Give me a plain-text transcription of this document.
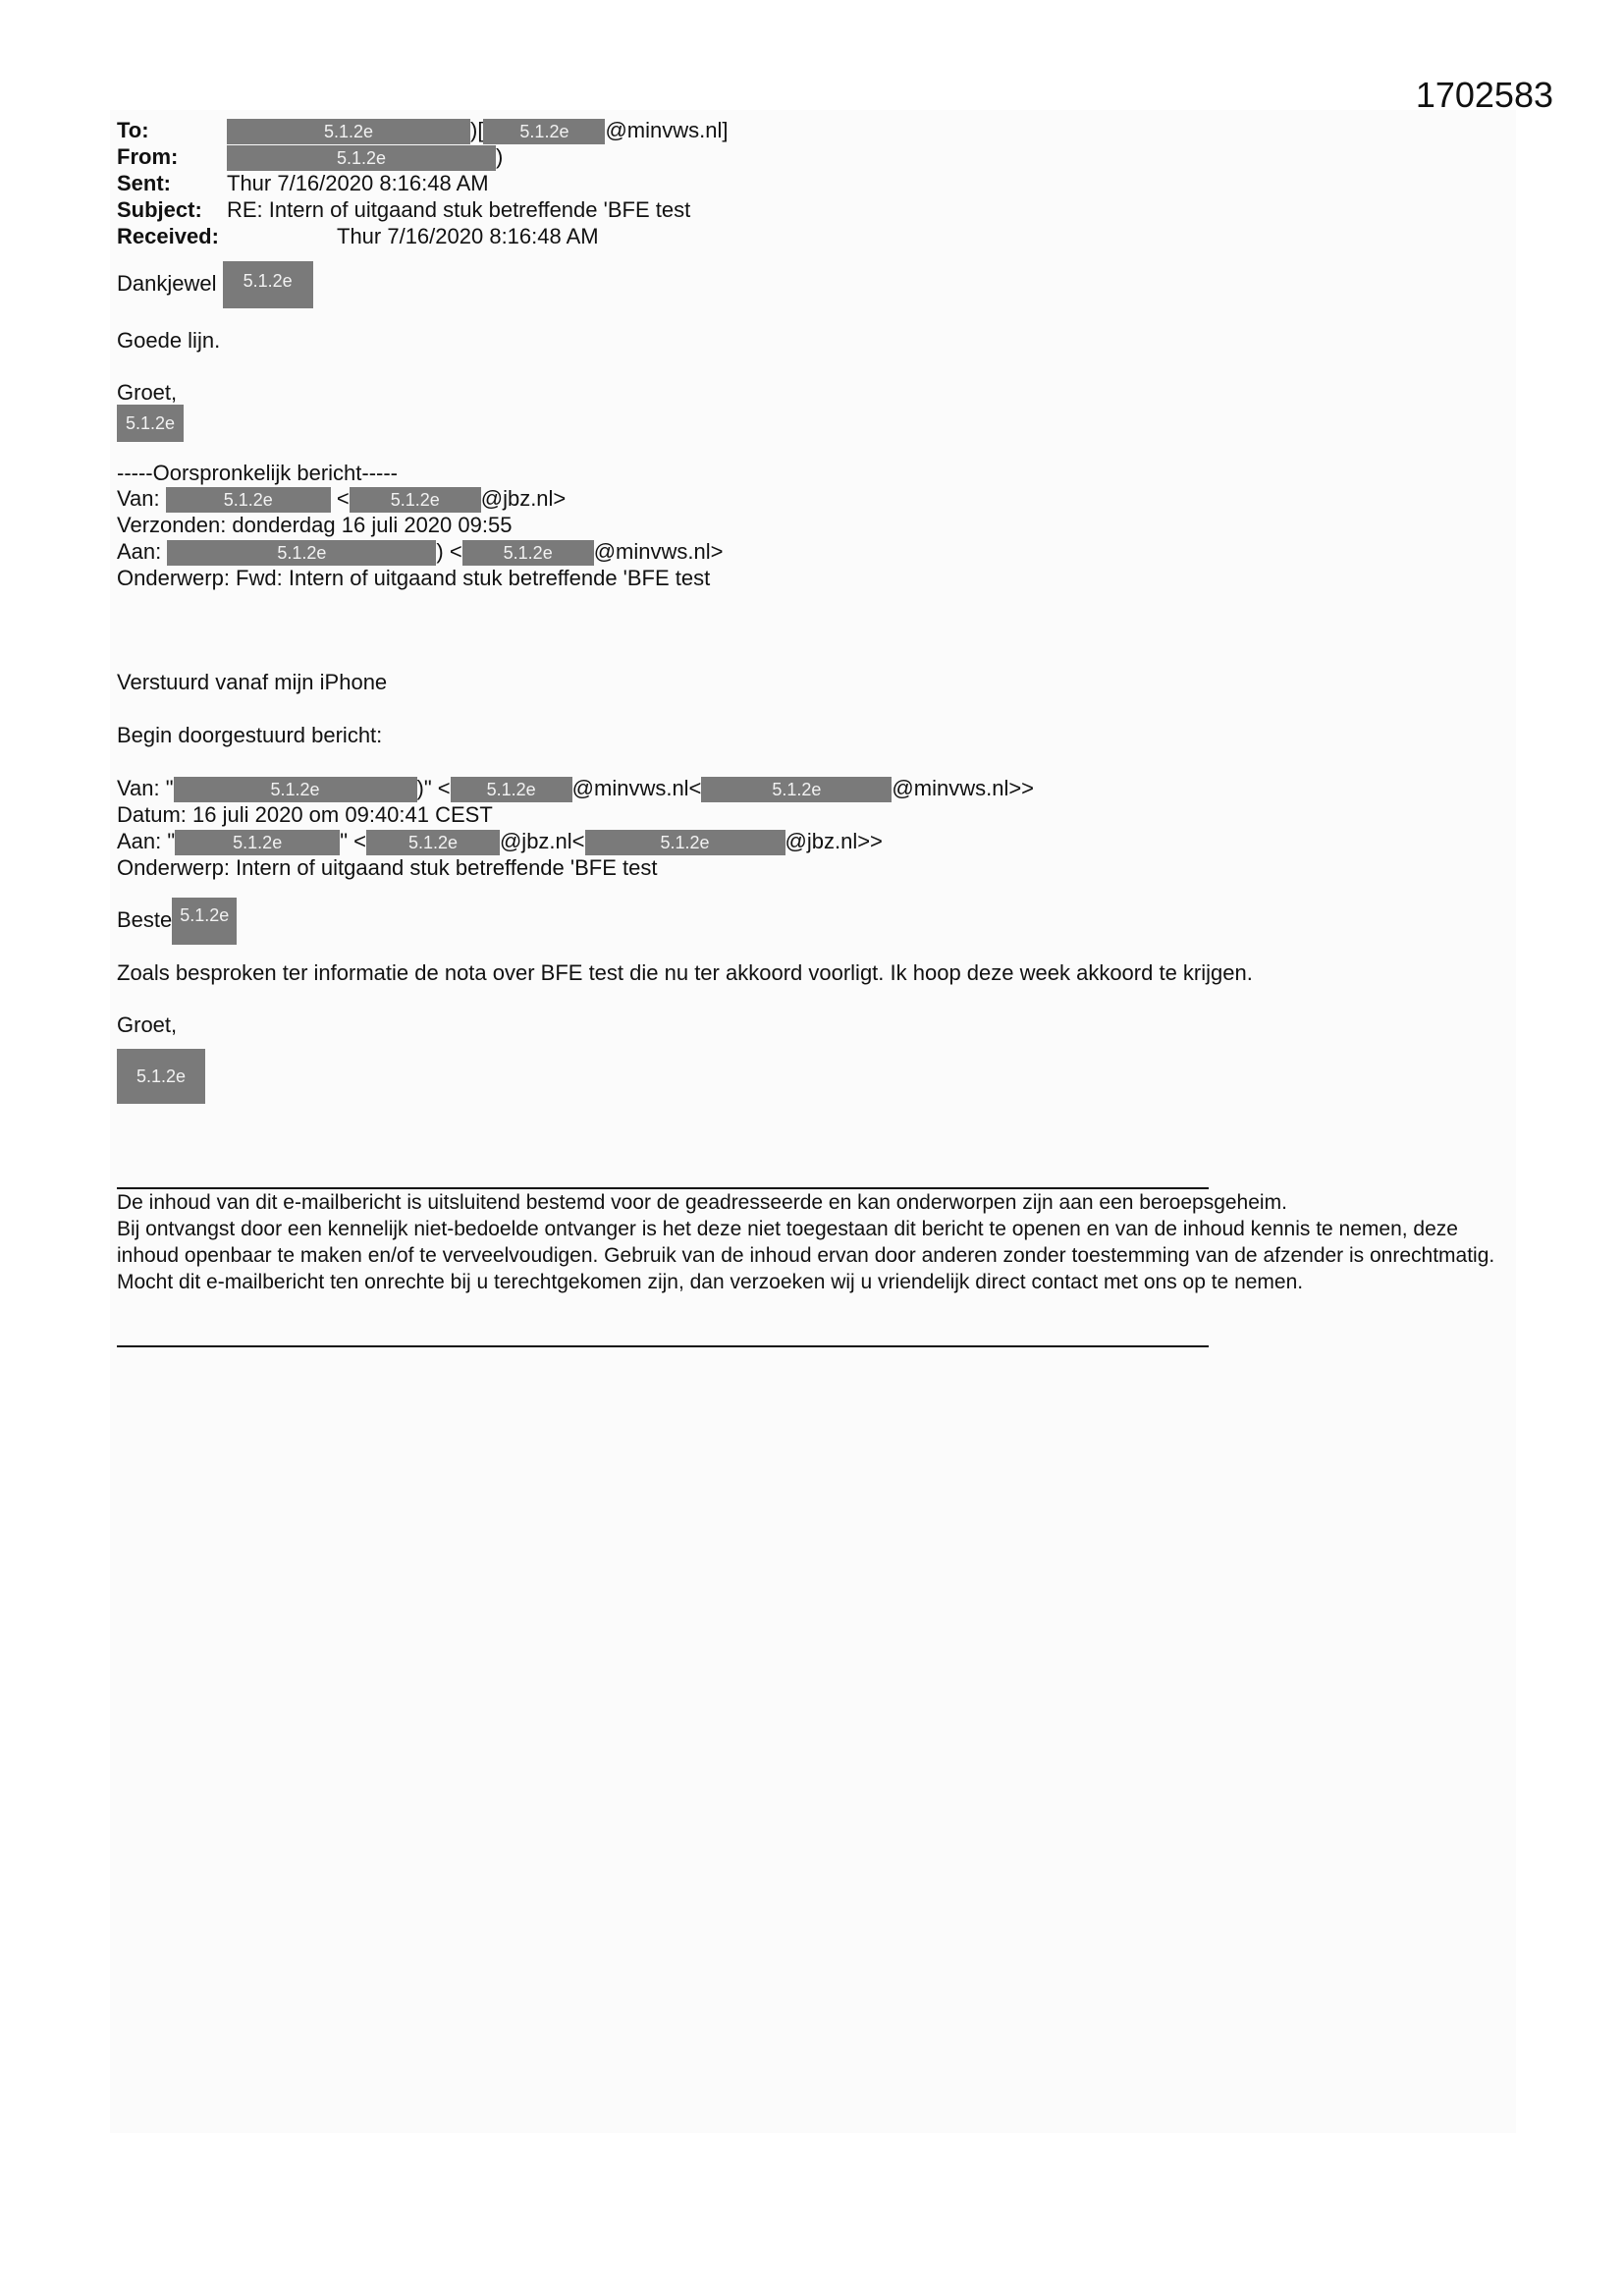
1702583
To:	5.1.2e	)[ 5.1.2e @minvws.nl]
From:	5.1.2e	)
Sent:	Thur 7/16/2020 8:16:48 AM
Subject: RE: Intern of uitgaand stuk betreffende 'BFE test
Received:	Thur 7/16/2020 8:16:48 AM
Dankjewel 5.1.2e
Goede lijn.
Groet,
5.1.2e
-----Oorspronkelijk bericht-----
Van:	5.1.2e	< 5.1.2e @jbz.nl>
Verzonden: donderdag 16 juli 2020 09:55
Aan:	5.1.2e	) < 5.1.2e @minvws.nl>
Onderwerp: Fwd: Intern of uitgaand stuk betreffende 'BFE test
Verstuurd vanaf mijn iPhone
Begin doorgestuurd bericht:
Van: "	5.1.2e	)" < 5.1.2e @minvws.nl<	5.1.2e	@minvws.nl>>
Datum: 16 juli 2020 om 09:40:41 CEST
Aan: "	5.1.2e	" < 5.1.2e @jbz.nl<	5.1.2e	@jbz.nl>>
Onderwerp: Intern of uitgaand stuk betreffende 'BFE test
Beste 5.1.2e
Zoals besproken ter informatie de nota over BFE test die nu ter akkoord voorligt. Ik hoop deze week akkoord te krijgen.
Groet,
5.1.2e
De inhoud van dit e-mailbericht is uitsluitend bestemd voor de geadresseerde en kan onderworpen zijn aan een beroepsgeheim.
Bij ontvangst door een kennelijk niet-bedoelde ontvanger is het deze niet toegestaan dit bericht te openen en van de inhoud kennis te nemen, deze inhoud openbaar te maken en/of te verveelvoudigen. Gebruik van de inhoud ervan door anderen zonder toestemming van de afzender is onrechtmatig.
Mocht dit e-mailbericht ten onrechte bij u terechtgekomen zijn, dan verzoeken wij u vriendelijk direct contact met ons op te nemen.
